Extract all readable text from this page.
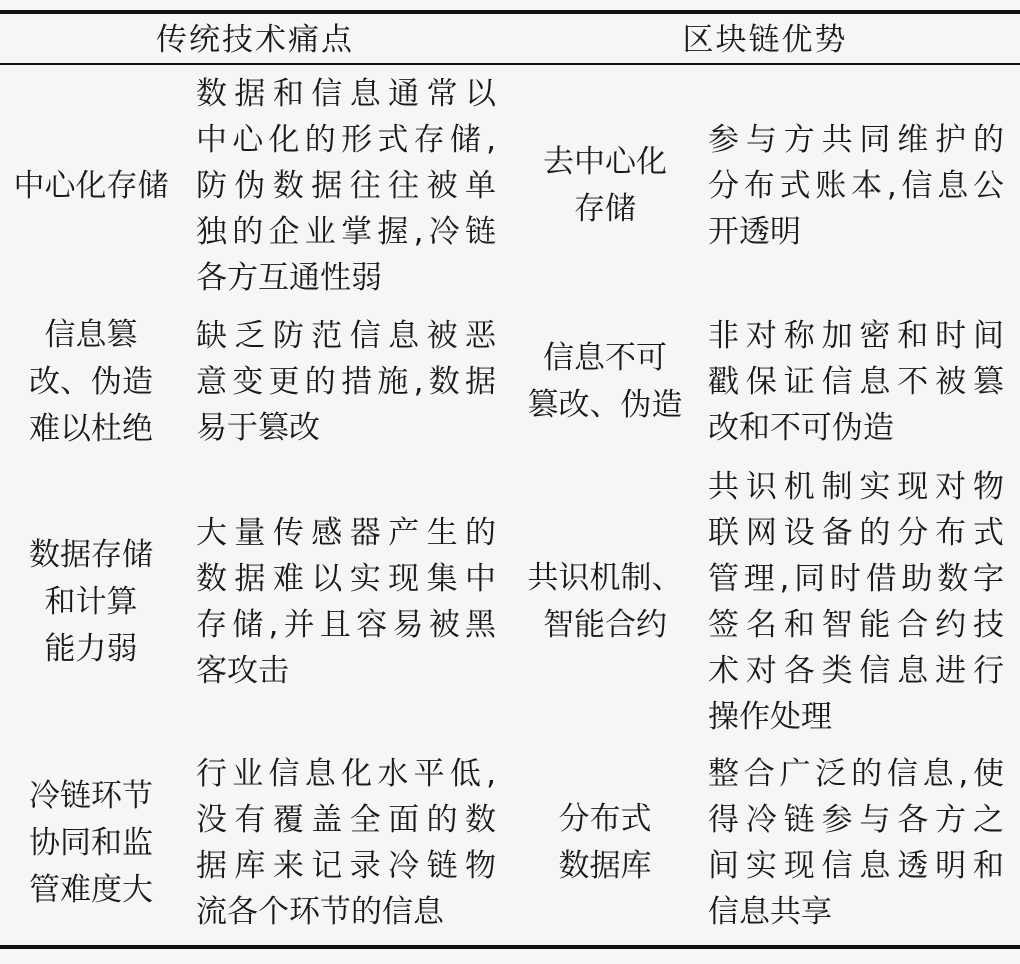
传统技术痛点	区块链优势
中心化存储
数据和信息通常以
中心化的形式存储,
防伪数据往往被单
独的企业掌握,冷链
各方互通性弱
去中心化
存储
参与方共同维护的
分布式账本,信息公
开透明
信息篡
改、伪造
难以杜绝
缺乏防范信息被恶
意变更的措施,数据
易于篡改
信息不可
篡改、伪造
非对称加密和时间
戳保证信息不被篡
改和不可伪造
数据存储
和计算
能力弱
大量传感器产生的
数据难以实现集中
存储,并且容易被黑
客攻击
共识机制、
智能合约
共识机制实现对物
联网设备的分布式
管理,同时借助数字
签名和智能合约技
术对各类信息进行
操作处理
冷链环节
协同和监
管难度大
行业信息化水平低,
没有覆盖全面的数
据库来记录冷链物
流各个环节的信息
分布式
数据库
整合广泛的信息,使
得冷链参与各方之
间实现信息透明和
信息共享
